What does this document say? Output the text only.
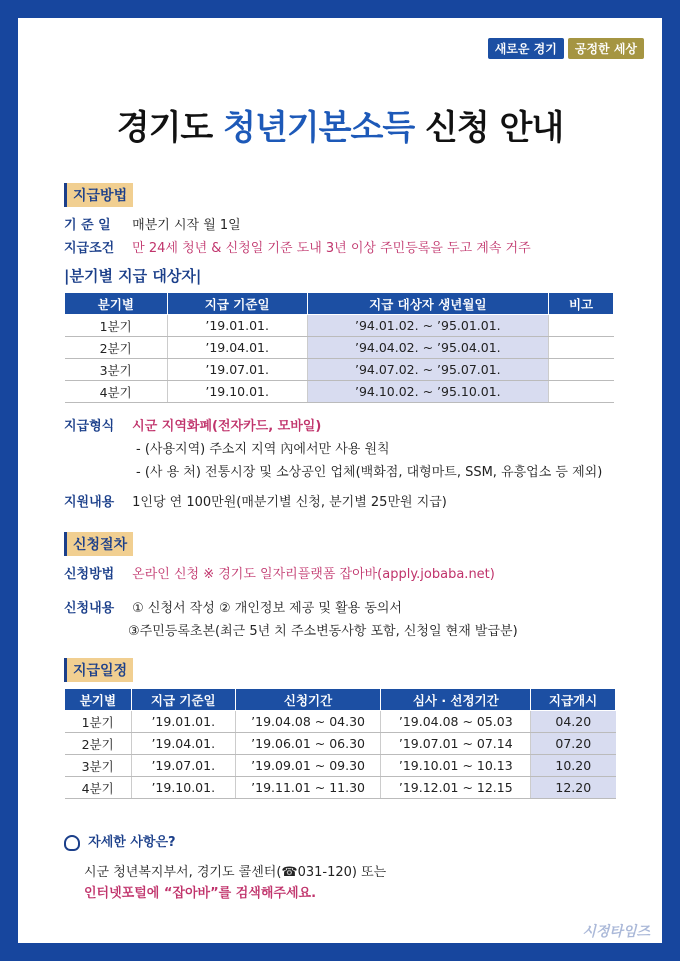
새로운 경기	공정한 세상
경기도 청년기본소득 신청 안내
지급방법
기 준 일 매분기 시작 월 1일
지급조건 만 24세 청년 & 신청일 기준 도내 3년 이상 주민등록을 두고 계속 거주
|분기별 지급 대상자|
분기별	지급 기준일	지급 대상자 생년월일	비고
1분기	’19.01.01.	’94.01.02. ~ ’95.01.01.	
2분기	’19.04.01.	’94.04.02. ~ ’95.04.01.	
3분기	’19.07.01.	’94.07.02. ~ ’95.07.01.	
4분기	’19.10.01.	’94.10.02. ~ ’95.10.01.	
지급형식 시군 지역화폐(전자카드, 모바일)
- (사용지역) 주소지 지역 內에서만 사용 원칙
- (사 용 처) 전통시장 및 소상공인 업체(백화점, 대형마트, SSM, 유흥업소 등 제외)
지원내용 1인당 연 100만원(매분기별 신청, 분기별 25만원 지급)
신청절차
신청방법 온라인 신청 ※ 경기도 일자리플랫폼 잡아바(apply.jobaba.net)
신청내용 ① 신청서 작성 ② 개인정보 제공 및 활용 동의서
③주민등록초본(최근 5년 치 주소변동사항 포함, 신청일 현재 발급분)
지급일정
분기별	지급 기준일	신청기간	심사 · 선정기간	지급개시
1분기	’19.01.01.	’19.04.08 ~ 04.30	’19.04.08 ~ 05.03	04.20
2분기	’19.04.01.	’19.06.01 ~ 06.30	’19.07.01 ~ 07.14	07.20
3분기	’19.07.01.	’19.09.01 ~ 09.30	’19.10.01 ~ 10.13	10.20
4분기	’19.10.01.	’19.11.01 ~ 11.30	’19.12.01 ~ 12.15	12.20
자세한 사항은?
시군 청년복지부서, 경기도 콜센터(☎031-120) 또는
인터넷포털에 “잡아바”를 검색해주세요.
시정타임즈
